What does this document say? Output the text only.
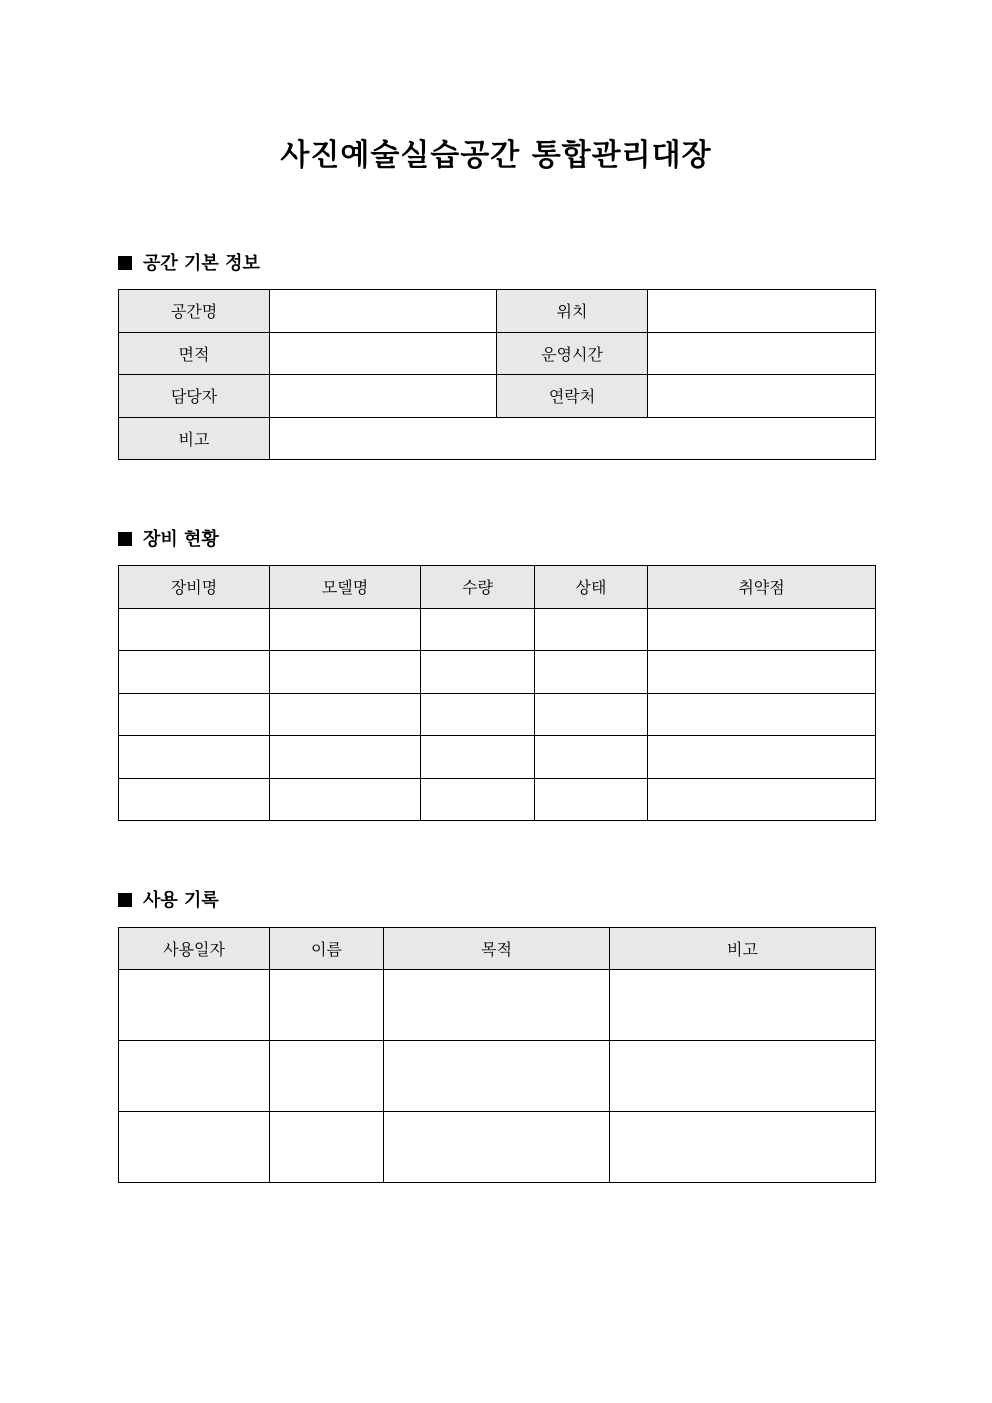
사진예술실습공간 통합관리대장
공간 기본 정보
공간명		위치	
면적		운영시간	
담당자		연락처	
비고			
장비 현황
장비명	모델명	수량	상태	취약점

사용 기록
사용일자	이름	목적	비고
